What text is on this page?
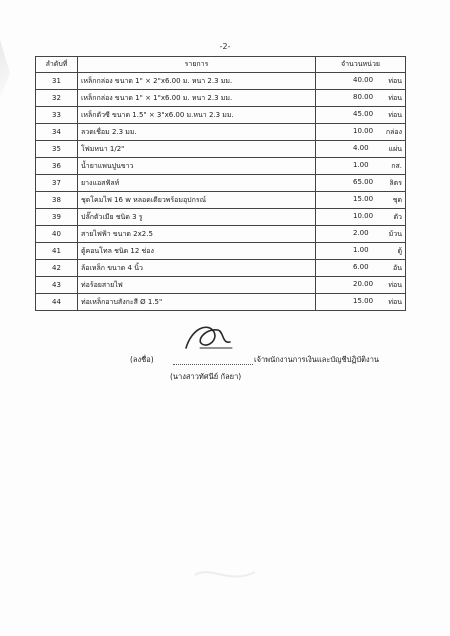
-2-
ลำดับที่	รายการ	จำนวนหน่วย
31	เหล็กกล่อง ขนาด 1" × 2"x6.00 ม. หนา 2.3 มม.	40.00 ท่อน

32	เหล็กกล่อง ขนาด 1" × 1"x6.00 ม. หนา 2.3 มม.	80.00 ท่อน

33	เหล็กตัวซี ขนาด 1.5" × 3"x6.00 ม.หนา 2.3 มม.	45.00 ท่อน

34	ลวดเชื่อม 2.3 มม.	10.00 กล่อง

35	โฟมหนา 1/2"	4.00 แผ่น

36	น้ำยาแพนปูนขาว	1.00 กส.

37	ยางแอสฟัลท์	65.00 ลิตร

38	ชุดโคมไฟ 16 w หลอดเดียวพร้อมอุปกรณ์	15.00 ชุด

39	ปลั๊กตัวเมีย ชนิด 3 รู	10.00 ตัว

40	สายไฟฟ้า ขนาด 2x2.5	2.00 ม้วน

41	ตู้คอนโทล ชนิด 12 ช่อง	1.00 ตู้

42	ล้อเหล็ก ขนาด 4 นิ้ว	6.00 อัน

43	ท่อร้อยสายไฟ	20.00 ท่อน

44	ท่อเหล็กอาบสังกะสี Ø 1.5"	15.00 ท่อน
(ลงชื่อ)	เจ้าพนักงานการเงินและบัญชีปฏิบัติงาน
(นางสาวทัศนีย์ กัลยา)
